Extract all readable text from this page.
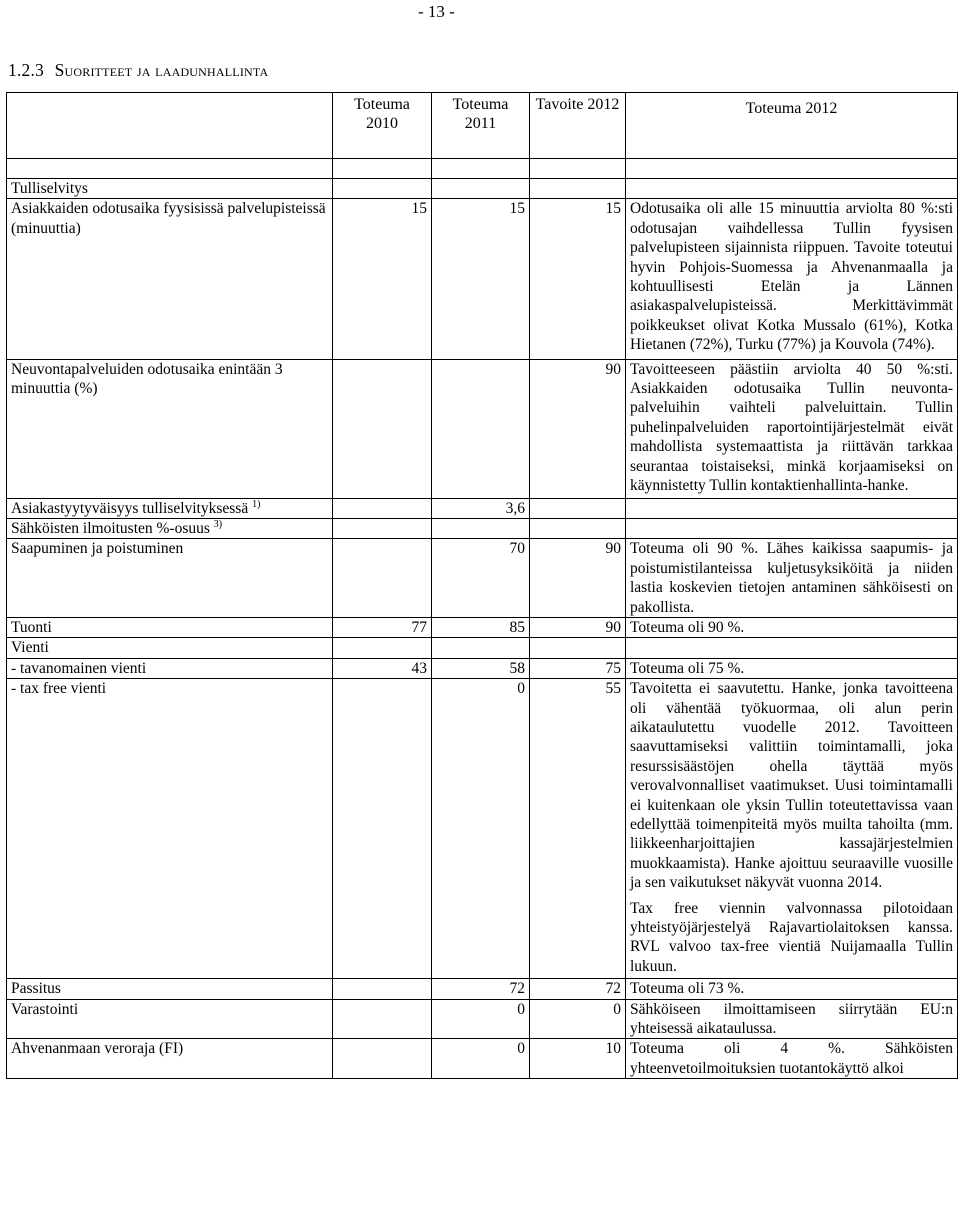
- 13 -
1.2.3 Suoritteet ja laadunhallinta
	Toteuma 2010	Toteuma 2011	Tavoite 2012	Toteuma 2012

Tulliselvitys				
Asiakkaiden odotusaika fyysisissä palvelupisteissä (minuuttia)	15	15	15	Odotusaika oli alle 15 minuuttia arviolta 80 %:sti odotusajan vaihdellessa Tullin fyysisen palvelupisteen sijainnista riippuen. Tavoite toteutui hyvin Pohjois-Suomessa ja Ahvenanmaalla ja kohtuullisesti Etelän ja Lännen asiakaspalvelupisteissä. Merkittävimmät poikkeukset olivat Kotka Mussalo (61%), Kotka Hietanen (72%), Turku (77%) ja Kouvola (74%).
Neuvontapalveluiden odotusaika enintään 3 minuuttia (%)			90	Tavoitteeseen päästiin arviolta 40 50 %:sti. Asiakkaiden odotusaika Tullin neuvonta-palveluihin vaihteli palveluittain. Tullin puhelinpalveluiden raportointijärjestelmät eivät mahdollista systemaattista ja riittävän tarkkaa seurantaa toistaiseksi, minkä korjaamiseksi on käynnistetty Tullin kontaktienhallinta-hanke.
Asiakastyytyväisyys tulliselvityksessä $^{1)}$		3,6		
Sähköisten ilmoitusten %-osuus $^{3)}$				
Saapuminen ja poistuminen		70	90	Toteuma oli 90 %. Lähes kaikissa saapumis- ja poistumistilanteissa kuljetusyksiköitä ja niiden lastia koskevien tietojen antaminen sähköisesti on pakollista.
Tuonti	77	85	90	Toteuma oli 90 %.
Vienti				
- tavanomainen vienti	43	58	75	Toteuma oli 75 %.
- tax free vienti		0	55	Tavoitetta ei saavutettu. Hanke, jonka tavoitteena oli vähentää työkuormaa, oli alun perin aikataulutettu vuodelle 2012. Tavoitteen saavuttamiseksi valittiin toimintamalli, joka resurssisäästöjen ohella täyttää myös verovalvonnalliset vaatimukset. Uusi toimintamalli ei kuitenkaan ole yksin Tullin toteutettavissa vaan edellyttää toimenpiteitä myös muilta tahoilta (mm. liikkeenharjoittajien kassajärjestelmien muokkaamista). Hanke ajoittuu seuraaville vuosille ja sen vaikutukset näkyvät vuonna 2014.
Tax free viennin valvonnassa pilotoidaan yhteistyöjärjestelyä Rajavartiolaitoksen kanssa. RVL valvoo tax-free vientiä Nuijamaalla Tullin lukuun.

Passitus		72	72	Toteuma oli 73 %.
Varastointi		0	0	Sähköiseen ilmoittamiseen siirrytään EU:n yhteisessä aikataulussa.
Ahvenanmaan veroraja (FI)		0	10	Toteuma oli 4 %. Sähköisten yhteenvetoilmoituksien tuotantokäyttö alkoi
